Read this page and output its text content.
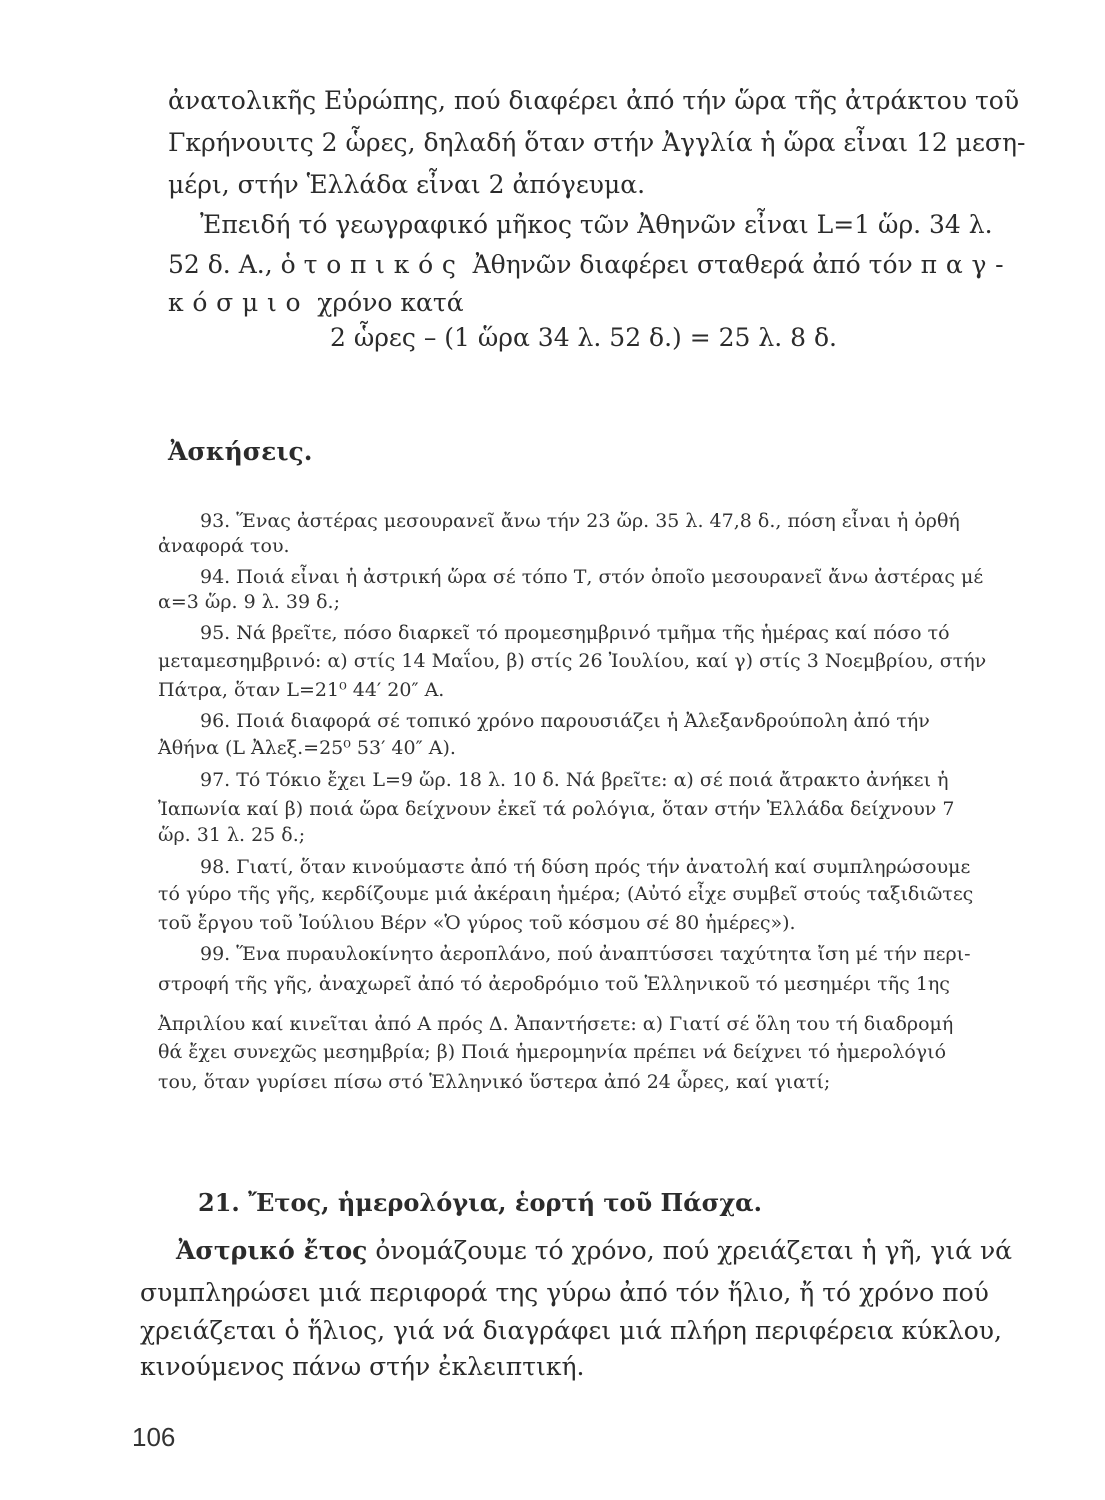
ἀνατολικῆς Εὐρώπης, πού διαφέρει ἀπό τήν ὥρα τῆς ἀτράκτου τοῦ
Γκρήνουιτς 2 ὧρες, δηλαδή ὅταν στήν Ἀγγλία ἡ ὥρα εἶναι 12 μεση-
μέρι, στήν Ἑλλάδα εἶναι 2 ἀπόγευμα.
Ἐπειδή τό γεωγραφικό μῆκος τῶν Ἀθηνῶν εἶναι L=1 ὥρ. 34 λ.
52 δ. Α., ὁ τοπικός Ἀθηνῶν διαφέρει σταθερά ἀπό τόν παγ-
κόσμιο χρόνο κατά
2 ὧρες – (1 ὥρα 34 λ. 52 δ.) = 25 λ. 8 δ.
Ἀσκήσεις.
93. Ἕνας ἀστέρας μεσουρανεῖ ἄνω τήν 23 ὥρ. 35 λ. 47,8 δ., πόση εἶναι ἡ ὀρθή
ἀναφορά του.
94. Ποιά εἶναι ἡ ἀστρική ὥρα σέ τόπο Τ, στόν ὁποῖο μεσουρανεῖ ἄνω ἀστέρας μέ
α=3 ὥρ. 9 λ. 39 δ.;
95. Νά βρεῖτε, πόσο διαρκεῖ τό προμεσημβρινό τμῆμα τῆς ἡμέρας καί πόσο τό
μεταμεσημβρινό: α) στίς 14 Μαΐου, β) στίς 26 Ἰουλίου, καί γ) στίς 3 Νοεμβρίου, στήν
Πάτρα, ὅταν L=21⁰ 44′ 20″ Α.
96. Ποιά διαφορά σέ τοπικό χρόνο παρουσιάζει ἡ Ἀλεξανδρούπολη ἀπό τήν
Ἀθήνα (L Ἀλεξ.=25⁰ 53′ 40″ Α).
97. Τό Τόκιο ἔχει L=9 ὥρ. 18 λ. 10 δ. Νά βρεῖτε: α) σέ ποιά ἄτρακτο ἀνήκει ἡ
Ἰαπωνία καί β) ποιά ὥρα δείχνουν ἐκεῖ τά ρολόγια, ὅταν στήν Ἑλλάδα δείχνουν 7
ὥρ. 31 λ. 25 δ.;
98. Γιατί, ὅταν κινούμαστε ἀπό τή δύση πρός τήν ἀνατολή καί συμπληρώσουμε
τό γύρο τῆς γῆς, κερδίζουμε μιά ἀκέραιη ἡμέρα; (Αὐτό εἶχε συμβεῖ στούς ταξιδιῶτες
τοῦ ἔργου τοῦ Ἰούλιου Βέρν «Ὁ γύρος τοῦ κόσμου σέ 80 ἡμέρες»).
99. Ἕνα πυραυλοκίνητο ἀεροπλάνο, πού ἀναπτύσσει ταχύτητα ἴση μέ τήν περι-
στροφή τῆς γῆς, ἀναχωρεῖ ἀπό τό ἀεροδρόμιο τοῦ Ἑλληνικοῦ τό μεσημέρι τῆς 1ης
Ἀπριλίου καί κινεῖται ἀπό Α πρός Δ. Ἀπαντήσετε: α) Γιατί σέ ὅλη του τή διαδρομή
θά ἔχει συνεχῶς μεσημβρία; β) Ποιά ἡμερομηνία πρέπει νά δείχνει τό ἡμερολόγιό
του, ὅταν γυρίσει πίσω στό Ἑλληνικό ὕστερα ἀπό 24 ὧρες, καί γιατί;
21. Ἔτος, ἡμερολόγια, ἑορτή τοῦ Πάσχα.
Ἀστρικό ἔτος ὀνομάζουμε τό χρόνο, πού χρειάζεται ἡ γῆ, γιά νά
συμπληρώσει μιά περιφορά της γύρω ἀπό τόν ἥλιο, ἤ τό χρόνο πού
χρειάζεται ὁ ἥλιος, γιά νά διαγράφει μιά πλήρη περιφέρεια κύκλου,
κινούμενος πάνω στήν ἐκλειπτική.
106
